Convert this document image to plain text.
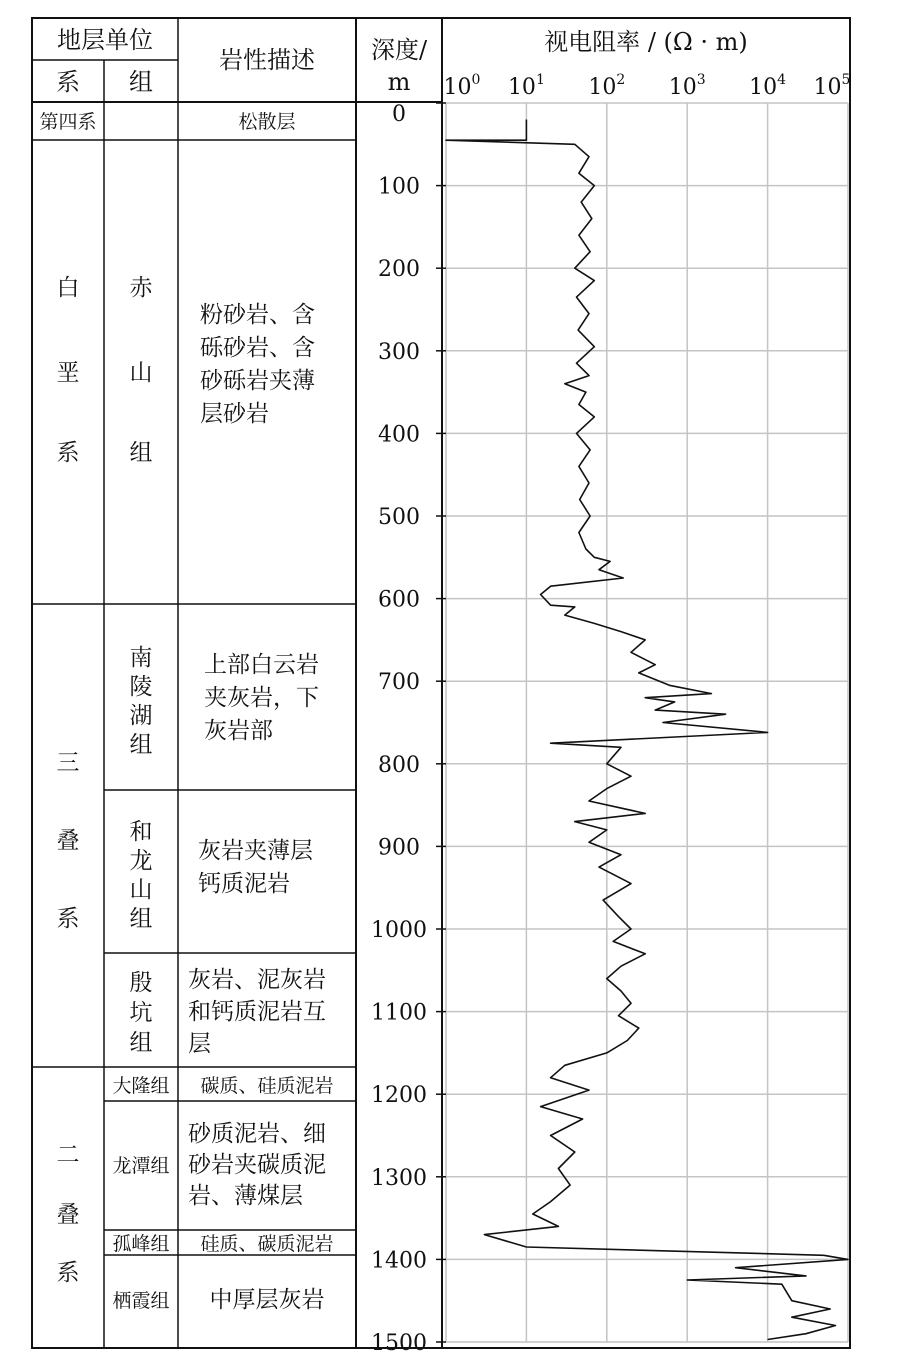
地层单位
系 组
岩性描述 深度/
m
视电阻率 / (Ω · m)
第四系	松散层
白
垩
系
赤
山
组
粉砂岩、含
砾砂岩、含
砂砾岩夹薄
层砂岩
三
叠
系
南
陵
湖
组
上部白云岩
夹灰岩，下
灰岩部
和
龙
山
组
灰岩夹薄层
钙质泥岩
殷
坑
组
灰岩、泥灰岩
和钙质泥岩互
层
二
叠
系
大隆组 碳质、硅质泥岩
龙潭组
砂质泥岩、细
砂岩夹碳质泥
岩、薄煤层
孤峰组 硅质、碳质泥岩
栖霞组 中厚层灰岩
0
100
200
300
400
500
600
700
800
900
1000
1100
1200
1300
1400
1500
$10^0$ $10^1$ $10^2$ $10^3$ $10^4$ $10^5$
